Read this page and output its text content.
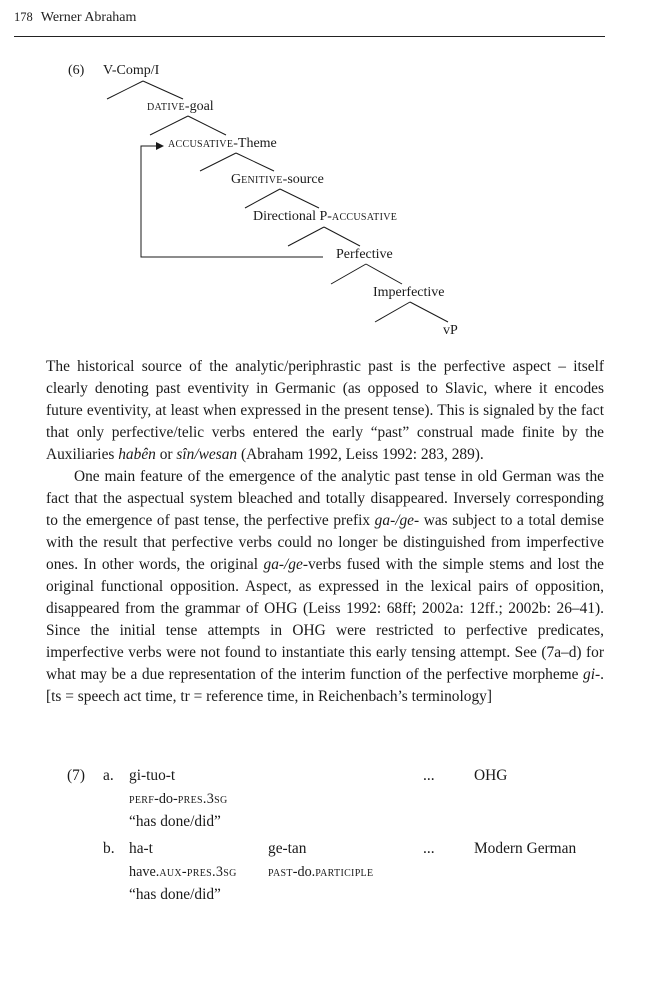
178 Werner Abraham
(6) V-Comp/I
dative-goal
accusative-Theme
Genitive-source
Directional P-accusative
Perfective
Imperfective
vP

The historical source of the analytic/periphrastic past is the perfective aspect – itself clearly denoting past eventivity in Germanic (as opposed to Slavic, where it encodes future eventivity, at least when expressed in the present tense). This is signaled by the fact that only perfective/telic verbs entered the early “past” construal made finite by the Auxiliaries habên or sîn/wesan (Abraham 1992, Leiss 1992: 283, 289).

One main feature of the emergence of the analytic past tense in old German was the fact that the aspectual system bleached and totally disappeared. Inversely corresponding to the emergence of past tense, the perfective prefix ga-/ge- was subject to a total demise with the result that perfective verbs could no longer be distinguished from imperfective ones. In other words, the original ga-/ge-verbs fused with the simple stems and lost the original functional opposition. Aspect, as expressed in the lexical pairs of opposition, disappeared from the grammar of OHG (Leiss 1992: 68ff; 2002a: 12ff.; 2002b: 26–41). Since the initial tense attempts in OHG were restricted to perfective predicates, imperfective verbs were not found to instantiate this early tensing attempt. See (7a–d) for what may be a due representation of the interim function of the perfective morpheme gi-. [ts = speech act time, tr = reference time, in Reichenbach’s terminology]

(7) a. gi-tuo-t	...	OHG
perf-do-pres.3sg
“has done/did”
b. ha-t	ge-tan	...	Modern German
have.aux-pres.3sg past-do.participle
“has done/did”
